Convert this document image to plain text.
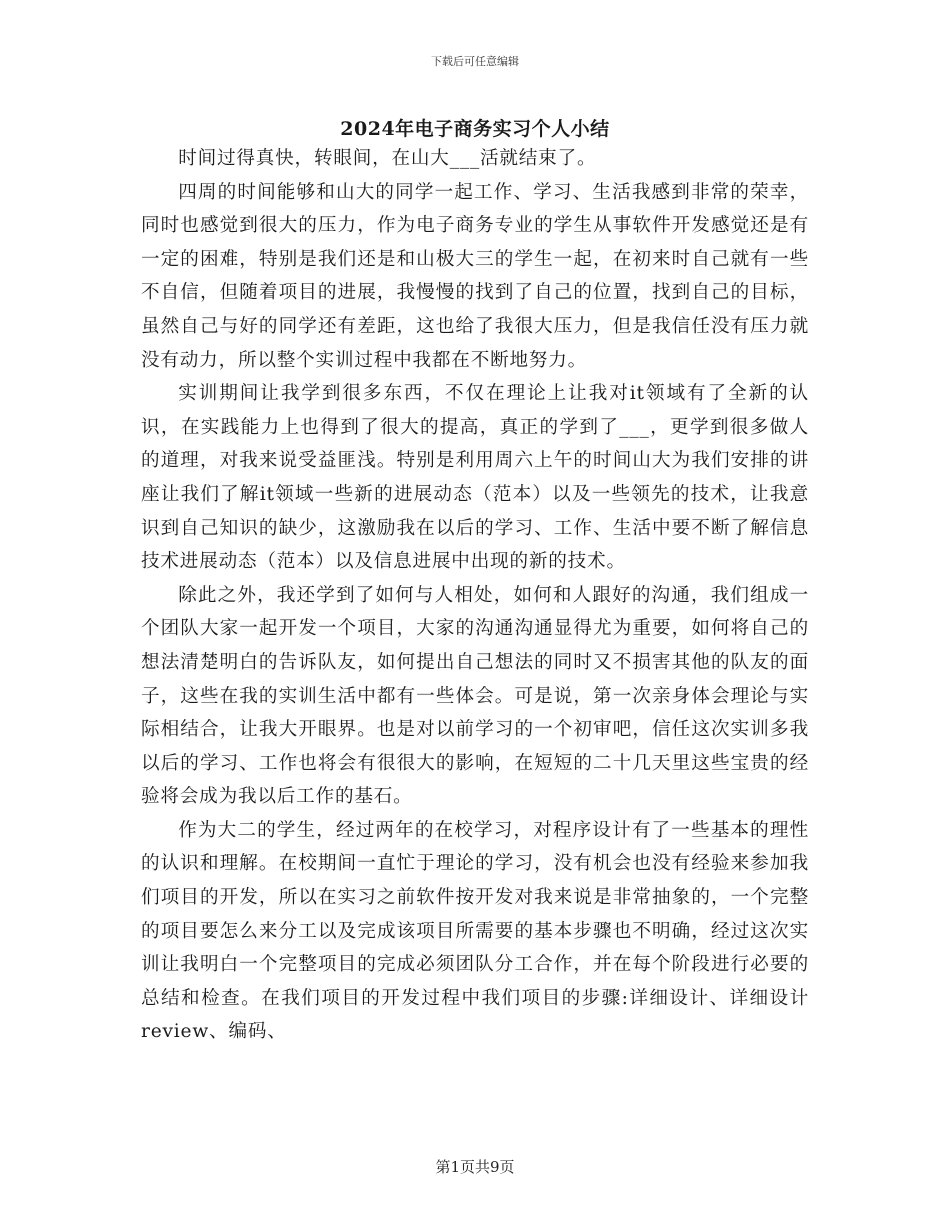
下载后可任意编辑
2024年电子商务实习个人小结

时间过得真快，转眼间，在山大___活就结束了。

四周的时间能够和山大的同学一起工作、学习、生活我感到非常的荣幸，同时也感觉到很大的压力，作为电子商务专业的学生从事软件开发感觉还是有一定的困难，特别是我们还是和山极大三的学生一起，在初来时自己就有一些不自信，但随着项目的进展，我慢慢的找到了自己的位置，找到自己的目标，虽然自己与好的同学还有差距，这也给了我很大压力，但是我信任没有压力就没有动力，所以整个实训过程中我都在不断地努力。

实训期间让我学到很多东西，不仅在理论上让我对it领域有了全新的认识，在实践能力上也得到了很大的提高，真正的学到了___，更学到很多做人的道理，对我来说受益匪浅。特别是利用周六上午的时间山大为我们安排的讲座让我们了解it领域一些新的进展动态（范本）以及一些领先的技术，让我意识到自己知识的缺少，这激励我在以后的学习、工作、生活中要不断了解信息技术进展动态（范本）以及信息进展中出现的新的技术。

除此之外，我还学到了如何与人相处，如何和人跟好的沟通，我们组成一个团队大家一起开发一个项目，大家的沟通沟通显得尤为重要，如何将自己的想法清楚明白的告诉队友，如何提出自己想法的同时又不损害其他的队友的面子，这些在我的实训生活中都有一些体会。可是说，第一次亲身体会理论与实际相结合，让我大开眼界。也是对以前学习的一个初审吧，信任这次实训多我以后的学习、工作也将会有很很大的影响，在短短的二十几天里这些宝贵的经验将会成为我以后工作的基石。

作为大二的学生，经过两年的在校学习，对程序设计有了一些基本的理性的认识和理解。在校期间一直忙于理论的学习，没有机会也没有经验来参加我们项目的开发，所以在实习之前软件按开发对我来说是非常抽象的，一个完整的项目要怎么来分工以及完成该项目所需要的基本步骤也不明确，经过这次实训让我明白一个完整项目的完成必须团队分工合作，并在每个阶段进行必要的总结和检查。在我们项目的开发过程中我们项目的步骤:详细设计、详细设计review、编码、

第1页共9页
